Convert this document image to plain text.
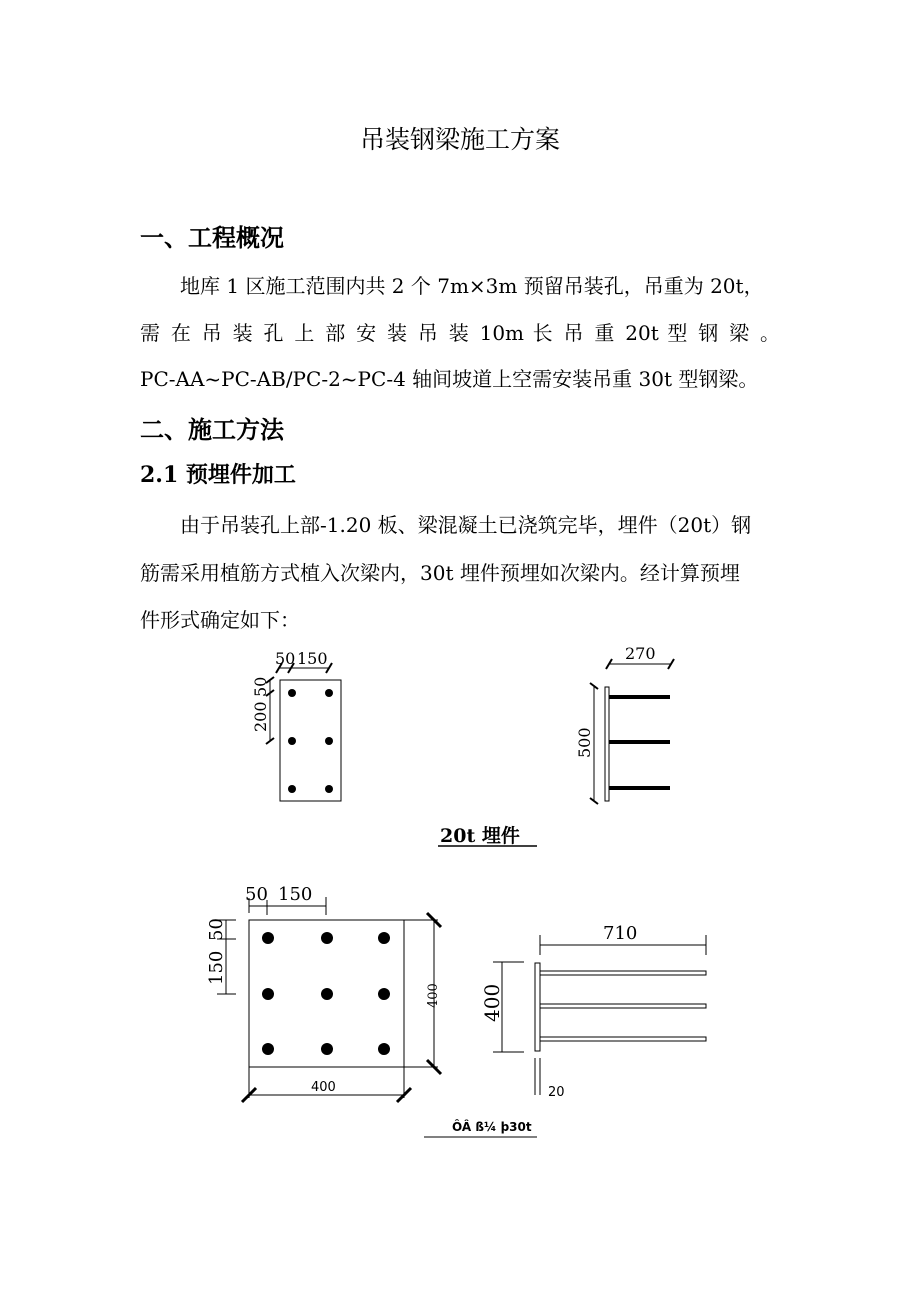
吊装钢梁施工方案
一、工程概况
地库 1 区施工范围内共 2 个 7m×3m 预留吊装孔，吊重为 20t，
需 在 吊 装 孔 上 部 安 装 吊 装 10m 长 吊 重 20t 型 钢 梁 。
PC-AA~PC-AB/PC-2~PC-4 轴间坡道上空需安装吊重 30t 型钢梁。
二、施工方法
2.1 预埋件加工
由于吊装孔上部-1.20 板、梁混凝土已浇筑完毕，埋件（20t）钢
筋需采用植筋方式植入次梁内，30t 埋件预埋如次梁内。经计算预埋
件形式确定如下：
50 150
50
200
270
500
20t 埋件
50 150
50
150
400
400
710
400
20
ÔÂ ß¼ þ30t
